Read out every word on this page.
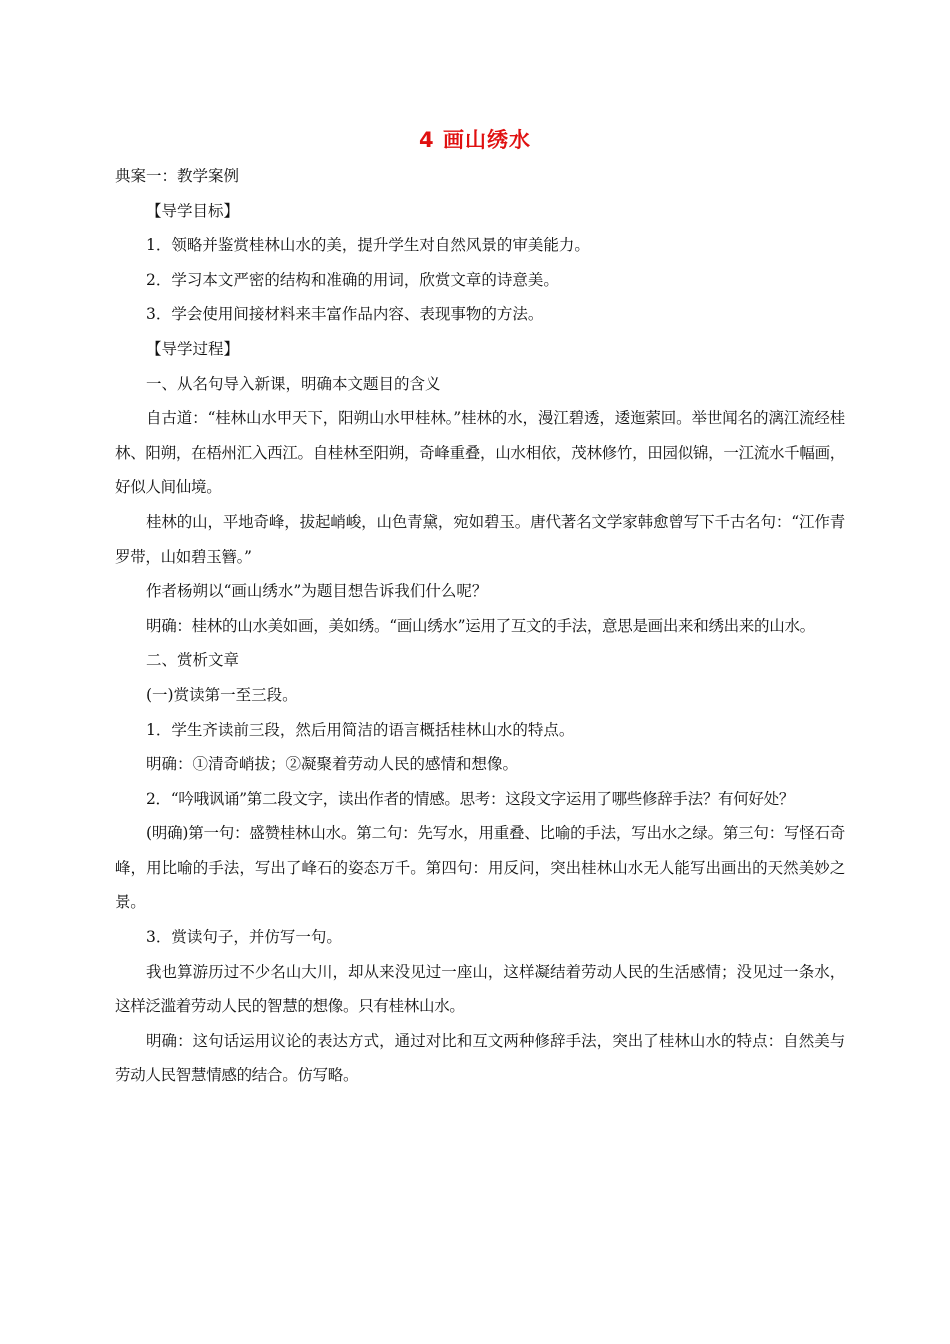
4 画山绣水
典案一：教学案例
【导学目标】
1．领略并鉴赏桂林山水的美，提升学生对自然风景的审美能力。
2．学习本文严密的结构和准确的用词，欣赏文章的诗意美。
3．学会使用间接材料来丰富作品内容、表现事物的方法。
【导学过程】
一、从名句导入新课，明确本文题目的含义

自古道：“桂林山水甲天下，阳朔山水甲桂林。”桂林的水，漫江碧透，逶迤萦回。举世闻名的漓江流经桂林、阳朔，在梧州汇入西江。自桂林至阳朔，奇峰重叠，山水相依，茂林修竹，田园似锦，一江流水千幅画，好似人间仙境。

桂林的山，平地奇峰，拔起峭峻，山色青黛，宛如碧玉。唐代著名文学家韩愈曾写下千古名句：“江作青罗带，山如碧玉簪。”

作者杨朔以“画山绣水”为题目想告诉我们什么呢？

明确：桂林的山水美如画，美如绣。“画山绣水”运用了互文的手法，意思是画出来和绣出来的山水。

二、赏析文章
(一)赏读第一至三段。
1．学生齐读前三段，然后用简洁的语言概括桂林山水的特点。
明确：①清奇峭拔；②凝聚着劳动人民的感情和想像。

2．“吟哦讽诵”第二段文字，读出作者的情感。思考：这段文字运用了哪些修辞手法？有何好处？

(明确)第一句：盛赞桂林山水。第二句：先写水，用重叠、比喻的手法，写出水之绿。第三句：写怪石奇峰，用比喻的手法，写出了峰石的姿态万千。第四句：用反问，突出桂林山水无人能写出画出的天然美妙之景。

3．赏读句子，并仿写一句。

我也算游历过不少名山大川，却从来没见过一座山，这样凝结着劳动人民的生活感情；没见过一条水，这样泛滥着劳动人民的智慧的想像。只有桂林山水。

明确：这句话运用议论的表达方式，通过对比和互文两种修辞手法，突出了桂林山水的特点：自然美与劳动人民智慧情感的结合。仿写略。
